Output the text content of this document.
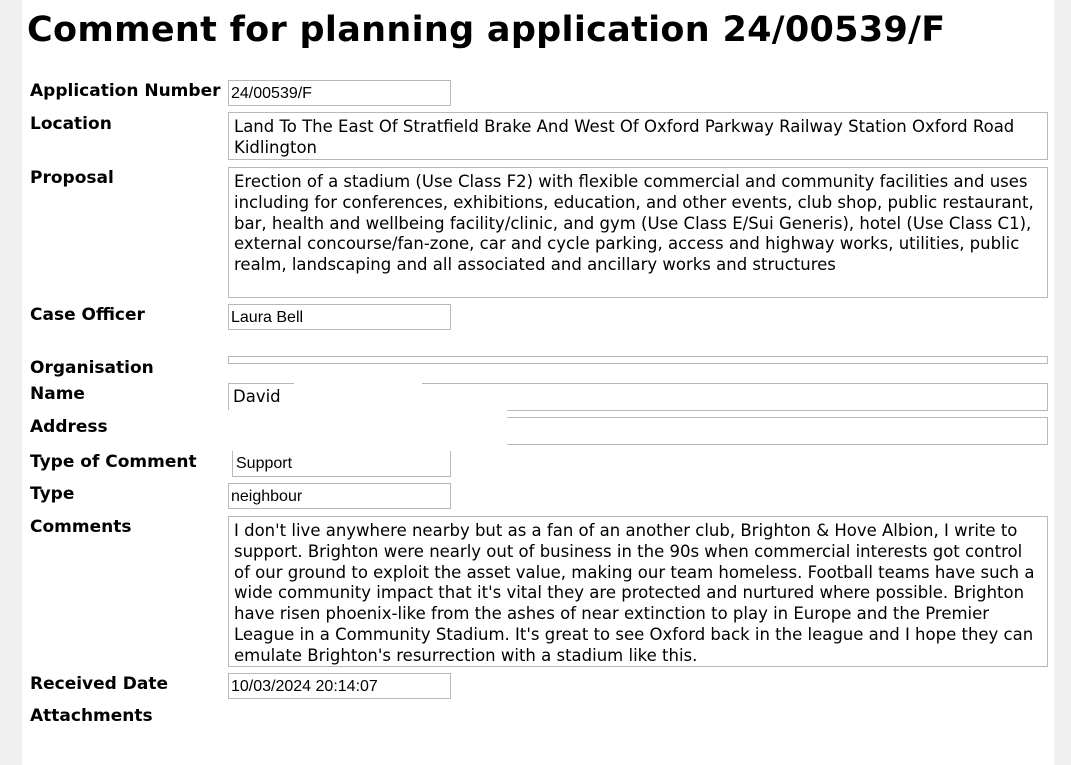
Comment for planning application 24/00539/F
Application Number 24/00539/F
Location	Land To The East Of Stratfield Brake And West Of Oxford Parkway Railway Station Oxford Road Kidlington
Proposal	Erection of a stadium (Use Class F2) with flexible commercial and community facilities and uses including for conferences, exhibitions, education, and other events, club shop, public restaurant, bar, health and wellbeing facility/clinic, and gym (Use Class E/Sui Generis), hotel (Use Class C1), external concourse/fan-zone, car and cycle parking, access and highway works, utilities, public realm, landscaping and all associated and ancillary works and structures
Case Officer	Laura Bell
Organisation
Name	David
Address
Type of Comment Support
Type	neighbour
Comments	I don't live anywhere nearby but as a fan of an another club, Brighton & Hove Albion, I write to support. Brighton were nearly out of business in the 90s when commercial interests got control of our ground to exploit the asset value, making our team homeless. Football teams have such a wide community impact that it's vital they are protected and nurtured where possible. Brighton have risen phoenix-like from the ashes of near extinction to play in Europe and the Premier League in a Community Stadium. It's great to see Oxford back in the league and I hope they can emulate Brighton's resurrection with a stadium like this.
Received Date	10/03/2024 20:14:07
Attachments
